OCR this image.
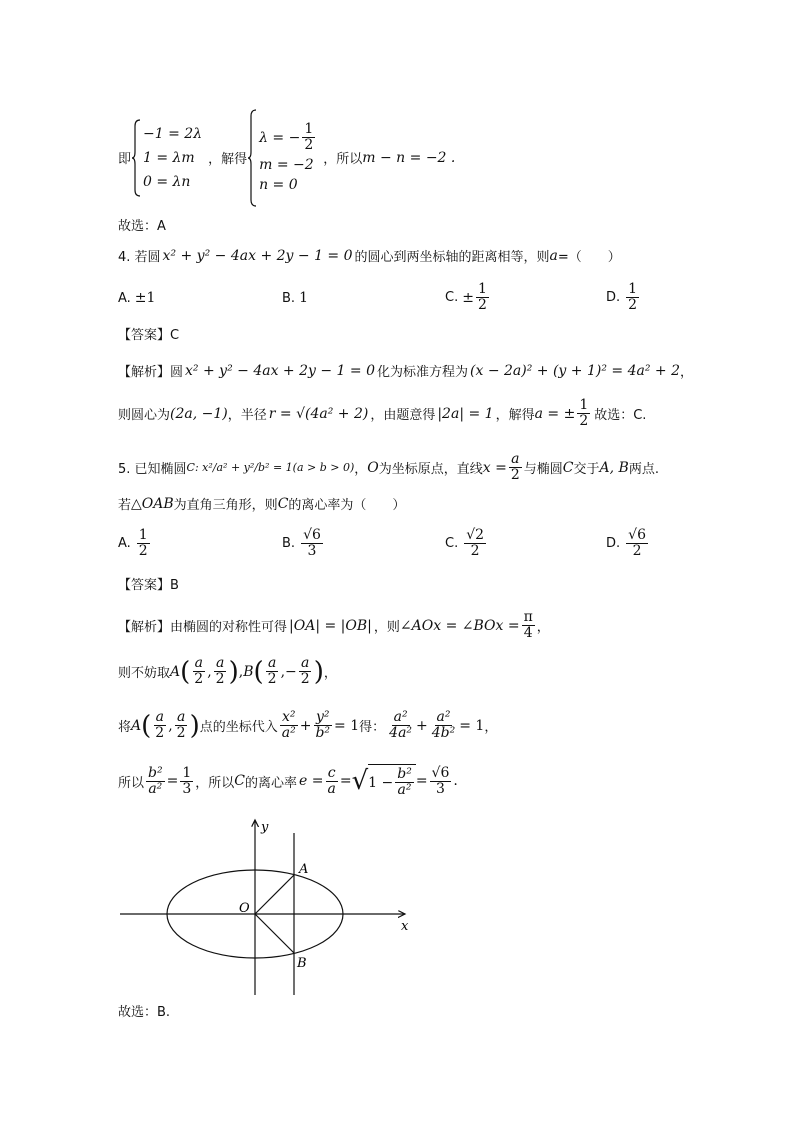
即
−1 = 2λ
1 = λm
0 = λn
，解得
λ = − $\frac{1}{2}$
m = −2
n = 0
，所以 m − n = −2 .
故选：A
4. 若圆 x² + y² − 4ax + 2y − 1 = 0 的圆心到两坐标轴的距离相等，则 a =（　　）
A. ±1	B. 1	C. ± $\frac{1}{2}$	D. $\frac{1}{2}$
【答案】C
【解析】 圆 x² + y² − 4ax + 2y − 1 = 0 化为标准方程为 (x − 2a)² + (y + 1)² = 4a² + 2 ，
则圆心为 (2a, −1) ，半径 r = √(4a² + 2) ，由题意得 |2a| = 1 ，解得 a = ± $\frac{1}{2}$ 故选：C.
5. 已知椭圆 C: x²/a² + y²/b² = 1(a > b > 0) ， O 为坐标原点，直线 $x = \frac{a}{2}$ 与椭圆 C 交于 A, B 两点.
若 △OAB 为直角三角形，则 C 的离心率为（　　）
A. $\frac{1}{2}$	B. $\frac{√6}{3}$	C. $\frac{√2}{2}$	D. $\frac{√6}{2}$
【答案】B
【解析】 由椭圆的对称性可得 |OA| = |OB| ，则 ∠AOx = ∠BOx = $\frac{\pi}{4}$ ，
则不妨取 A ( $\frac{a}{2}$ , $\frac{a}{2}$ ) , B ( $\frac{a}{2}$ , − $\frac{a}{2}$ ) ，
将 A ( $\frac{a}{2}$ , $\frac{a}{2}$ ) 点的坐标代入 $\frac{\text{x²}}{\text{a²}} + \frac{\text{y²}}{\text{b²}} = 1$ 得： $\frac{\text{a²}}{\text{4a²}} + \frac{\text{a²}}{\text{4b²}} = 1$ ，
所以 $\frac{\text{b²}}{\text{a²}} = \frac{1}{3}$ ，所以 C 的离心率 $e = \frac{c}{a}$ = √ $1 - \frac{\text{b²}}{\text{a²}} = \frac{√6}{3}$ .
y
x
O
A
B
故选：B.
